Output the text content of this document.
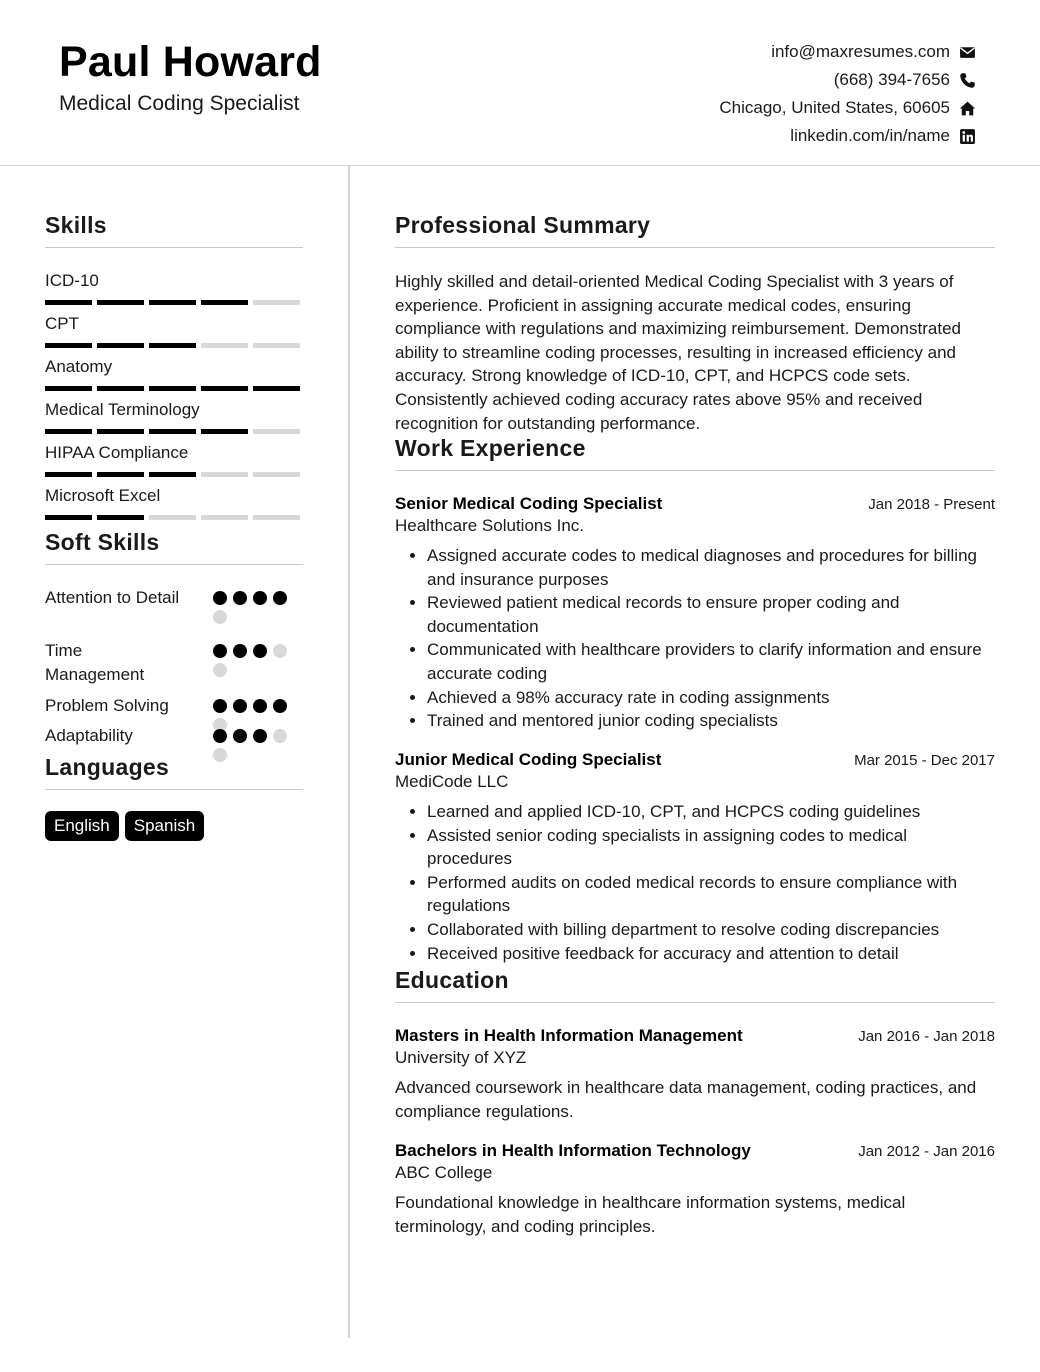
Paul Howard
Medical Coding Specialist
info@maxresumes.com
(668) 394-7656
Chicago, United States, 60605
linkedin.com/in/name
Skills
ICD-10
CPT
Anatomy
Medical Terminology
HIPAA Compliance
Microsoft Excel
Soft Skills
Attention to Detail
Time Management
Problem Solving
Adaptability
Languages
English	Spanish
Professional Summary
Highly skilled and detail-oriented Medical Coding Specialist with 3 years of experience. Proficient in assigning accurate medical codes, ensuring compliance with regulations and maximizing reimbursement. Demonstrated ability to streamline coding processes, resulting in increased efficiency and accuracy. Strong knowledge of ICD-10, CPT, and HCPCS code sets. Consistently achieved coding accuracy rates above 95% and received recognition for outstanding performance.
Work Experience
Senior Medical Coding Specialist	Jan 2018 - Present
Healthcare Solutions Inc.
• Assigned accurate codes to medical diagnoses and procedures for billing and insurance purposes
• Reviewed patient medical records to ensure proper coding and documentation
• Communicated with healthcare providers to clarify information and ensure accurate coding
• Achieved a 98% accuracy rate in coding assignments
• Trained and mentored junior coding specialists
Junior Medical Coding Specialist	Mar 2015 - Dec 2017
MediCode LLC
• Learned and applied ICD-10, CPT, and HCPCS coding guidelines
• Assisted senior coding specialists in assigning codes to medical procedures
• Performed audits on coded medical records to ensure compliance with regulations
• Collaborated with billing department to resolve coding discrepancies
• Received positive feedback for accuracy and attention to detail
Education
Masters in Health Information Management	Jan 2016 - Jan 2018
University of XYZ
Advanced coursework in healthcare data management, coding practices, and compliance regulations.
Bachelors in Health Information Technology	Jan 2012 - Jan 2016
ABC College
Foundational knowledge in healthcare information systems, medical terminology, and coding principles.
